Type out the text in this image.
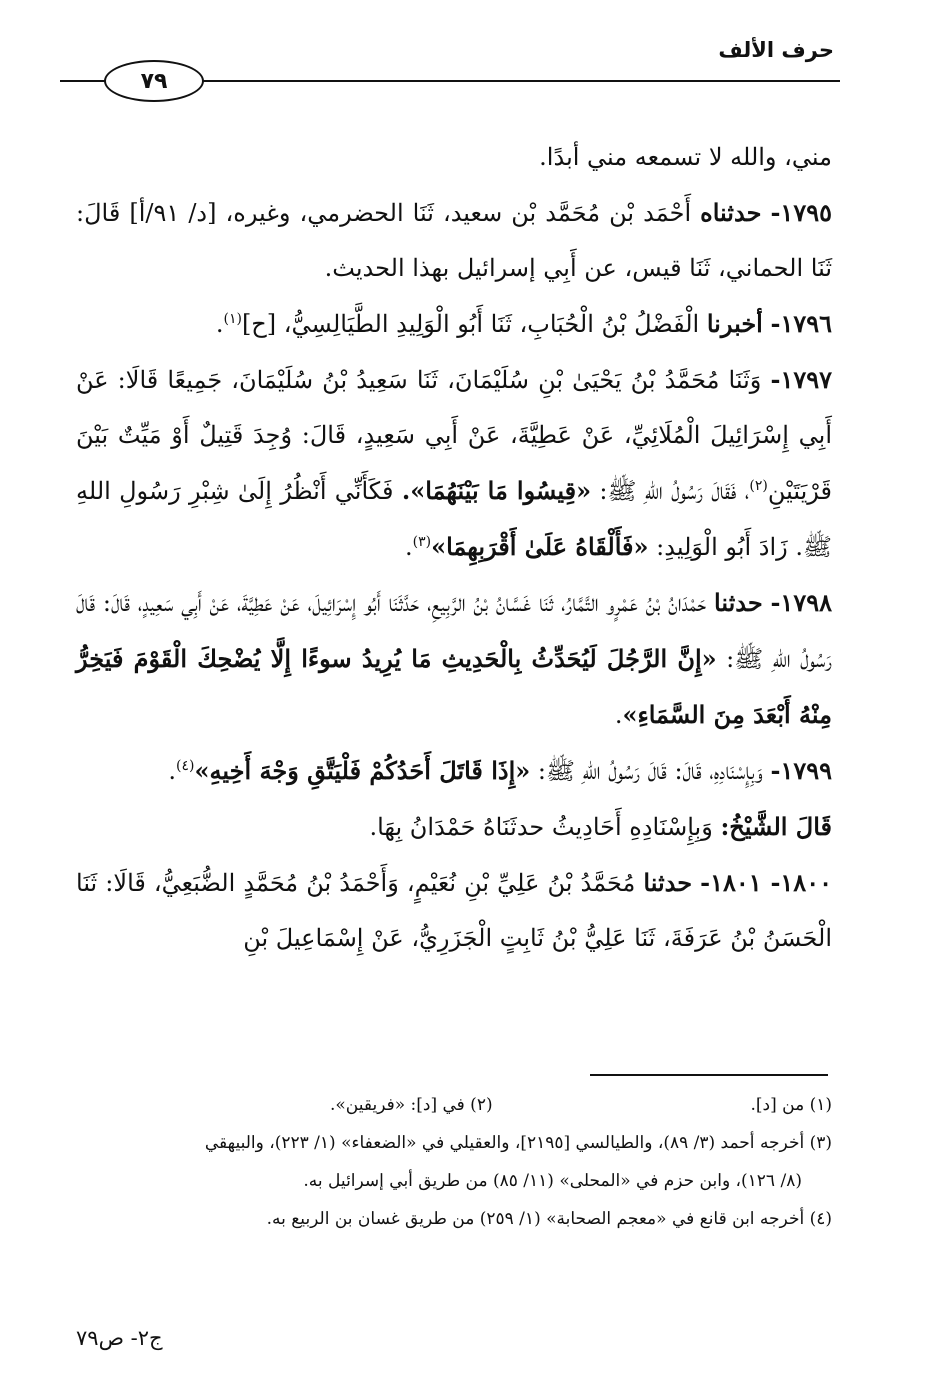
حرف الألف
٧٩

مني، والله لا تسمعه مني أبدًا.

١٧٩٥- حدثناه أَحْمَد بْن مُحَمَّد بْن سعيد، ثَنَا الحضرمي، وغيره، [د/ ٩١/أ] قَالَ: ثَنَا الحماني، ثَنَا قيس، عن أَبِي إسرائيل بهذا الحديث.

١٧٩٦- أخبرنا الْفَضْلُ بْنُ الْحُبَابِ، ثَنَا أَبُو الْوَلِيدِ الطَّيَالِسِيُّ، [ح]$^{(١)}$.

١٧٩٧- وَثَنَا مُحَمَّدُ بْنُ يَحْيَىٰ بْنِ سُلَيْمَانَ، ثَنَا سَعِيدُ بْنُ سُلَيْمَانَ، جَمِيعًا قَالَا: عَنْ أَبِي إِسْرَائِيلَ الْمُلَائِيِّ، عَنْ عَطِيَّةَ، عَنْ أَبِي سَعِيدٍ، قَالَ: وُجِدَ قَتِيلٌ أَوْ مَيِّتٌ بَيْنَ قَرْيَتَيْنِ$^{(٢)}$، فَقَالَ رَسُولُ اللهِ ﷺ: «قِيسُوا مَا بَيْنَهُمَا». فَكَأَنِّي أَنْظُرُ إِلَىٰ شِبْرِ رَسُولِ اللهِ ﷺ. زَادَ أَبُو الْوَلِيدِ: «فَأَلْقَاهُ عَلَىٰ أَقْرَبِهِمَا»$^{(٣)}$.

١٧٩٨- حدثنا حَمْدَانُ بْنُ عَمْرٍو التَّمَّارُ، ثَنَا غَسَّانُ بْنُ الرَّبِيعِ، حَدَّثَنَا أَبُو إِسْرَائِيلَ، عَنْ عَطِيَّةَ، عَنْ أَبِي سَعِيدٍ، قَالَ: قَالَ رَسُولُ اللهِ ﷺ: «إِنَّ الرَّجُلَ لَيُحَدِّثُ بِالْحَدِيثِ مَا يُرِيدُ سوءًا إِلَّا يُضْحِكَ الْقَوْمَ فَيَخِرُّ مِنْهُ أَبْعَدَ مِنَ السَّمَاءِ».

١٧٩٩- وَبِإِسْنَادِهِ، قَالَ: قَالَ رَسُولُ اللهِ ﷺ: «إِذَا قَاتَلَ أَحَدُكُمْ فَلْيَتَّقِ وَجْهَ أَخِيهِ»$^{(٤)}$.

قَالَ الشَّيْخُ: وَبِإِسْنَادِهِ أَحَادِيثُ حدثَنَاهُ حَمْدَانُ بِهَا.

١٨٠٠- ١٨٠١- حدثنا مُحَمَّدُ بْنُ عَلِيِّ بْنِ نُعَيْمٍ، وَأَحْمَدُ بْنُ مُحَمَّدٍ الضُّبَعِيُّ، قَالَا: ثَنَا الْحَسَنُ بْنُ عَرَفَةَ، ثَنَا عَلِيُّ بْنُ ثَابِتٍ الْجَزَرِيُّ، عَنْ إِسْمَاعِيلَ بْنِ

(١) من [د].
(٢) في [د]: «فريقين».

(٣) أخرجه أحمد (٣/ ٨٩)، والطيالسي [٢١٩٥]، والعقيلي في «الضعفاء» (١/ ٢٢٣)، والبيهقي

(٨/ ١٢٦)، وابن حزم في «المحلى» (١١/ ٨٥) من طريق أبي إسرائيل به.

(٤) أخرجه ابن قانع في «معجم الصحابة» (١/ ٢٥٩) من طريق غسان بن الربيع به.

ج٢- ص٧٩
